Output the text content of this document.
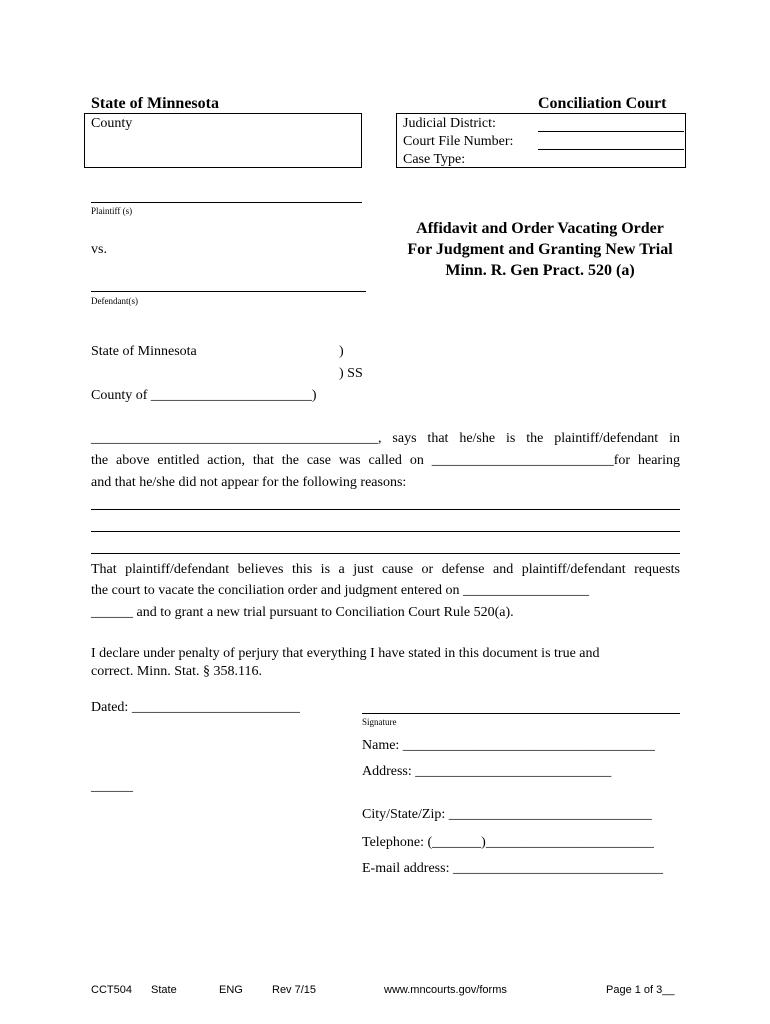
State of Minnesota	Conciliation Court
County	Judicial District:
Court File Number:
Case Type:
Plaintiff (s)
vs.
Defendant(s)
Affidavit and Order Vacating Order
For Judgment and Granting New Trial
Minn. R. Gen Pract. 520 (a)
State of Minnesota	)
) SS
County of _______________________)
_________________________________________, says that he/she is the plaintiff/defendant in
the above entitled action, that the case was called on __________________________for hearing
and that he/she did not appear for the following reasons:
That plaintiff/defendant believes this is a just cause or defense and plaintiff/defendant requests
the court to vacate the conciliation order and judgment entered on __________________
______ and to grant a new trial pursuant to Conciliation Court Rule 520(a).
I declare under penalty of perjury that everything I have stated in this document is true and
correct. Minn. Stat. § 358.116.
Dated: ________________________
______
Signature
Name: ____________________________________
Address: ____________________________
City/State/Zip: _____________________________
Telephone: (_______)________________________
E-mail address: ______________________________
CCT504 State	ENG	Rev 7/15	www.mncourts.gov/forms	Page 1 of 3__
